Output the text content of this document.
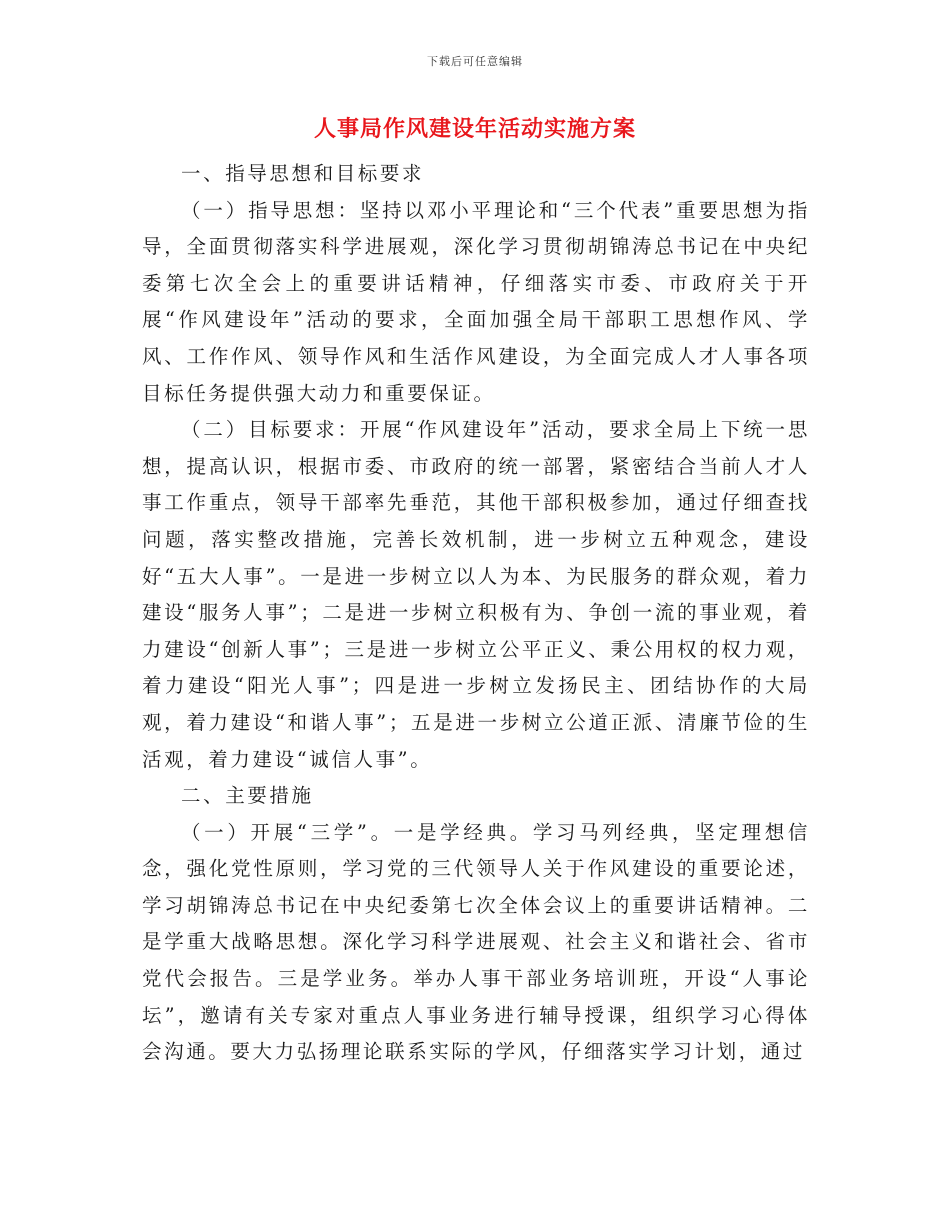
下载后可任意编辑
人事局作风建设年活动实施方案

一、指导思想和目标要求

（一）指导思想：坚持以邓小平理论和“三个代表”重要思想为指导，全面贯彻落实科学进展观，深化学习贯彻胡锦涛总书记在中央纪委第七次全会上的重要讲话精神，仔细落实市委、市政府关于开展“作风建设年”活动的要求，全面加强全局干部职工思想作风、学风、工作作风、领导作风和生活作风建设，为全面完成人才人事各项目标任务提供强大动力和重要保证。

（二）目标要求：开展“作风建设年”活动，要求全局上下统一思想，提高认识，根据市委、市政府的统一部署，紧密结合当前人才人事工作重点，领导干部率先垂范，其他干部积极参加，通过仔细查找问题，落实整改措施，完善长效机制，进一步树立五种观念，建设好“五大人事”。一是进一步树立以人为本、为民服务的群众观，着力建设“服务人事”；二是进一步树立积极有为、争创一流的事业观，着力建设“创新人事”；三是进一步树立公平正义、秉公用权的权力观，着力建设“阳光人事”；四是进一步树立发扬民主、团结协作的大局观，着力建设“和谐人事”；五是进一步树立公道正派、清廉节俭的生活观，着力建设“诚信人事”。

二、主要措施

（一）开展“三学”。一是学经典。学习马列经典，坚定理想信念，强化党性原则，学习党的三代领导人关于作风建设的重要论述，学习胡锦涛总书记在中央纪委第七次全体会议上的重要讲话精神。二是学重大战略思想。深化学习科学进展观、社会主义和谐社会、省市党代会报告。三是学业务。举办人事干部业务培训班，开设“人事论坛”，邀请有关专家对重点人事业务进行辅导授课，组织学习心得体会沟通。要大力弘扬理论联系实际的学风，仔细落实学习计划，通过
